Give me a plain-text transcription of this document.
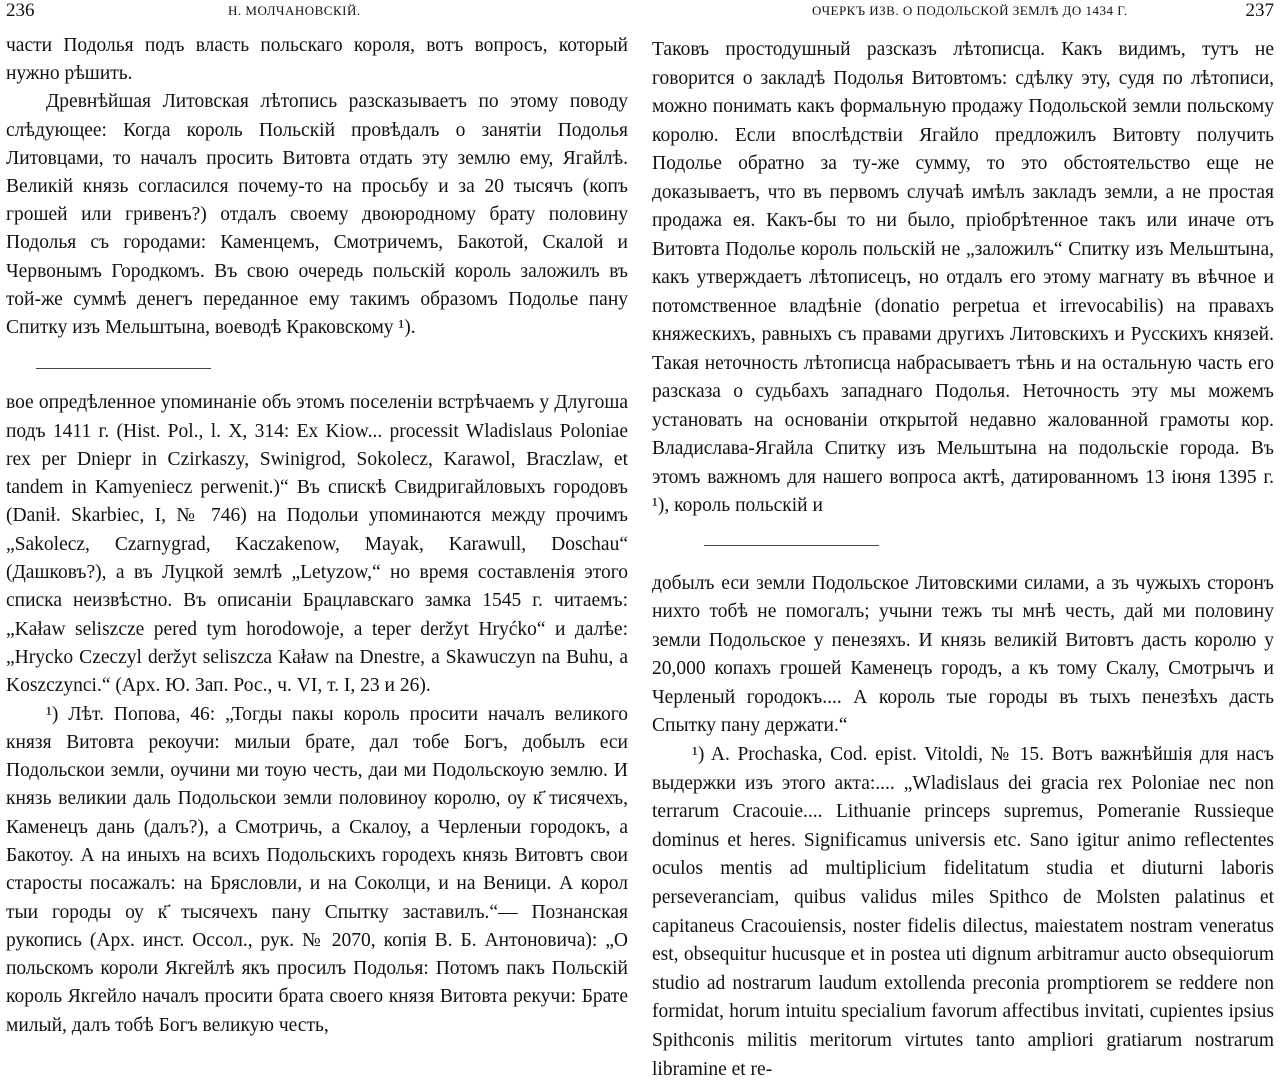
236	Н. МОЛЧАНОВСКІЙ.

части Подолья подъ власть польскаго короля, вотъ вопросъ, который нужно рѣшить.

Древнѣйшая Литовская лѣтопись разсказываетъ по этому поводу слѣдующее: Когда король Польскій провѣдалъ о занятіи Подолья Литовцами, то началъ просить Витовта отдать эту землю ему, Ягайлѣ. Великій князь согласился почему-то на просьбу и за 20 тысячъ (копъ грошей или гривенъ?) отдалъ своему двоюродному брату половину Подолья съ городами: Каменцемъ, Смотричемъ, Бакотой, Скалой и Червонымъ Городкомъ. Въ свою очередь польскій король заложилъ въ той-же суммѣ денегъ переданное ему такимъ образомъ Подолье пану Спитку изъ Мельштына, воеводѣ Краковскому ¹).

вое опредѣленное упоминаніе объ этомъ поселеніи встрѣчаемъ у Длугоша подъ 1411 г. (Hist. Pol., l. X, 314: Ex Kiow... processit Wladislaus Poloniae rex per Dniepr in Czirkaszy, Swinigrod, Sokolecz, Karawol, Braczlaw, et tandem in Kamyeniecz perwenit.)“ Въ спискѣ Свидригайловыхъ городовъ (Danił. Skarbiec, I, № 746) на Подольи упоминаются между прочимъ „Sakolecz, Czarnygrad, Kaczakenow, Mayak, Karawull, Doschau“ (Дашковъ?), а въ Луцкой землѣ „Letyzow,“ но время составленія этого списка неизвѣстно. Въ описаніи Брацлавскаго замка 1545 г. читаемъ: „Kaław seliszcze pered tym horodowoje, a teper deržyt Hryćko“ и далѣе: „Hrycko Czeczyl deržyt seliszcza Kaław na Dnestre, a Skawuczyn na Buhu, a Koszczynci.“ (Арх. Ю. Зап. Рос., ч. VI, т. I, 23 и 26).

¹) Лѣт. Попова, 46: „Тогды пакы король просити началъ великого князя Витовта рекоучи: милыи брате, дал тобе Богъ, добылъ еси Подольскои земли, оучини ми тоую честь, даи ми Подольскоую землю. И князь великии даль Подольскои земли половиноу королю, оу к҃ тисячехъ, Каменецъ дань (далъ?), а Смотричь, а Скалоу, а Черленыи городокъ, а Бакотоу. А на иныхъ на всихъ Подольскихъ городехъ князь Витовтъ свои старосты посажалъ: на Брясловли, и на Соколци, и на Веници. А корол тыи городы оу к҃ тысячехъ пану Спытку заставилъ.“— Познанская рукопись (Арх. инст. Оссол., рук. № 2070, копія В. Б. Антоновича): „О польскомъ короли Якгейлѣ якъ просилъ Подолья: Потомъ пакъ Польскій король Якгейло началъ просити брата своего князя Витовта рекучи: Брате милый, далъ тобѣ Богъ великую честь,

ОЧЕРКЪ ИЗВ. О ПОДОЛЬСКОЙ ЗЕМЛѢ ДО 1434 Г.	237

Таковъ простодушный разсказъ лѣтописца. Какъ видимъ, тутъ не говорится о закладѣ Подолья Витовтомъ: сдѣлку эту, судя по лѣтописи, можно понимать какъ формальную продажу Подольской земли польскому королю. Если впослѣдствіи Ягайло предложилъ Витовту получить Подолье обратно за ту-же сумму, то это обстоятельство еще не доказываетъ, что въ первомъ случаѣ имѣлъ закладъ земли, а не простая продажа ея. Какъ-бы то ни было, пріобрѣтенное такъ или иначе отъ Витовта Подолье король польскій не „заложилъ“ Спитку изъ Мельштына, какъ утверждаетъ лѣтописецъ, но отдалъ его этому магнату въ вѣчное и потомственное владѣніе (donatio perpetua et irrevocabilis) на правахъ княжескихъ, равныхъ съ правами другихъ Литовскихъ и Русскихъ князей. Такая неточность лѣтописца набрасываетъ тѣнь и на остальную часть его разсказа о судьбахъ западнаго Подолья. Неточность эту мы можемъ установать на основаніи открытой недавно жалованной грамоты кор. Владислава-Ягайла Спитку изъ Мельштына на подольскіе города. Въ этомъ важномъ для нашего вопроса актѣ, датированномъ 13 іюня 1395 г. ¹), король польскій и

добылъ еси земли Подольское Литовскими силами, а зъ чужыхъ сторонъ нихто тобѣ не помогалъ; учыни тежъ ты мнѣ честь, дай ми половину земли Подольское у пенезяхъ. И князь великій Витовтъ дасть королю у 20,000 копахъ грошей Каменецъ городъ, а къ тому Скалу, Смотрычъ и Черленый городокъ.... А король тые городы въ тыхъ пенезѣхъ дасть Спытку пану держати.“

¹) A. Prochaska, Cod. epist. Vitoldi, № 15. Вотъ важнѣйшія для насъ выдержки изъ этого акта:.... „Wladislaus dei gracia rex Poloniae nec non terrarum Cracouie.... Lithuanie princeps supremus, Pomeranie Russieque dominus et heres. Significamus universis etc. Sano igitur animo reflectentes oculos mentis ad multiplicium fidelitatum studia et diuturni laboris perseveranciam, quibus validus miles Spithco de Molsten palatinus et capitaneus Cracouiensis, noster fidelis dilectus, maiestatem nostram veneratus est, obsequitur hucusque et in postea uti dignum arbitramur aucto obsequiorum studio ad nostrarum laudum extollenda preconia promptiorem se reddere non formidat, horum intuitu specialium favorum affectibus invitati, cupientes ipsius Spithconis militis meritorum virtutes tanto ampliori gratiarum nostrarum libramine et re-
